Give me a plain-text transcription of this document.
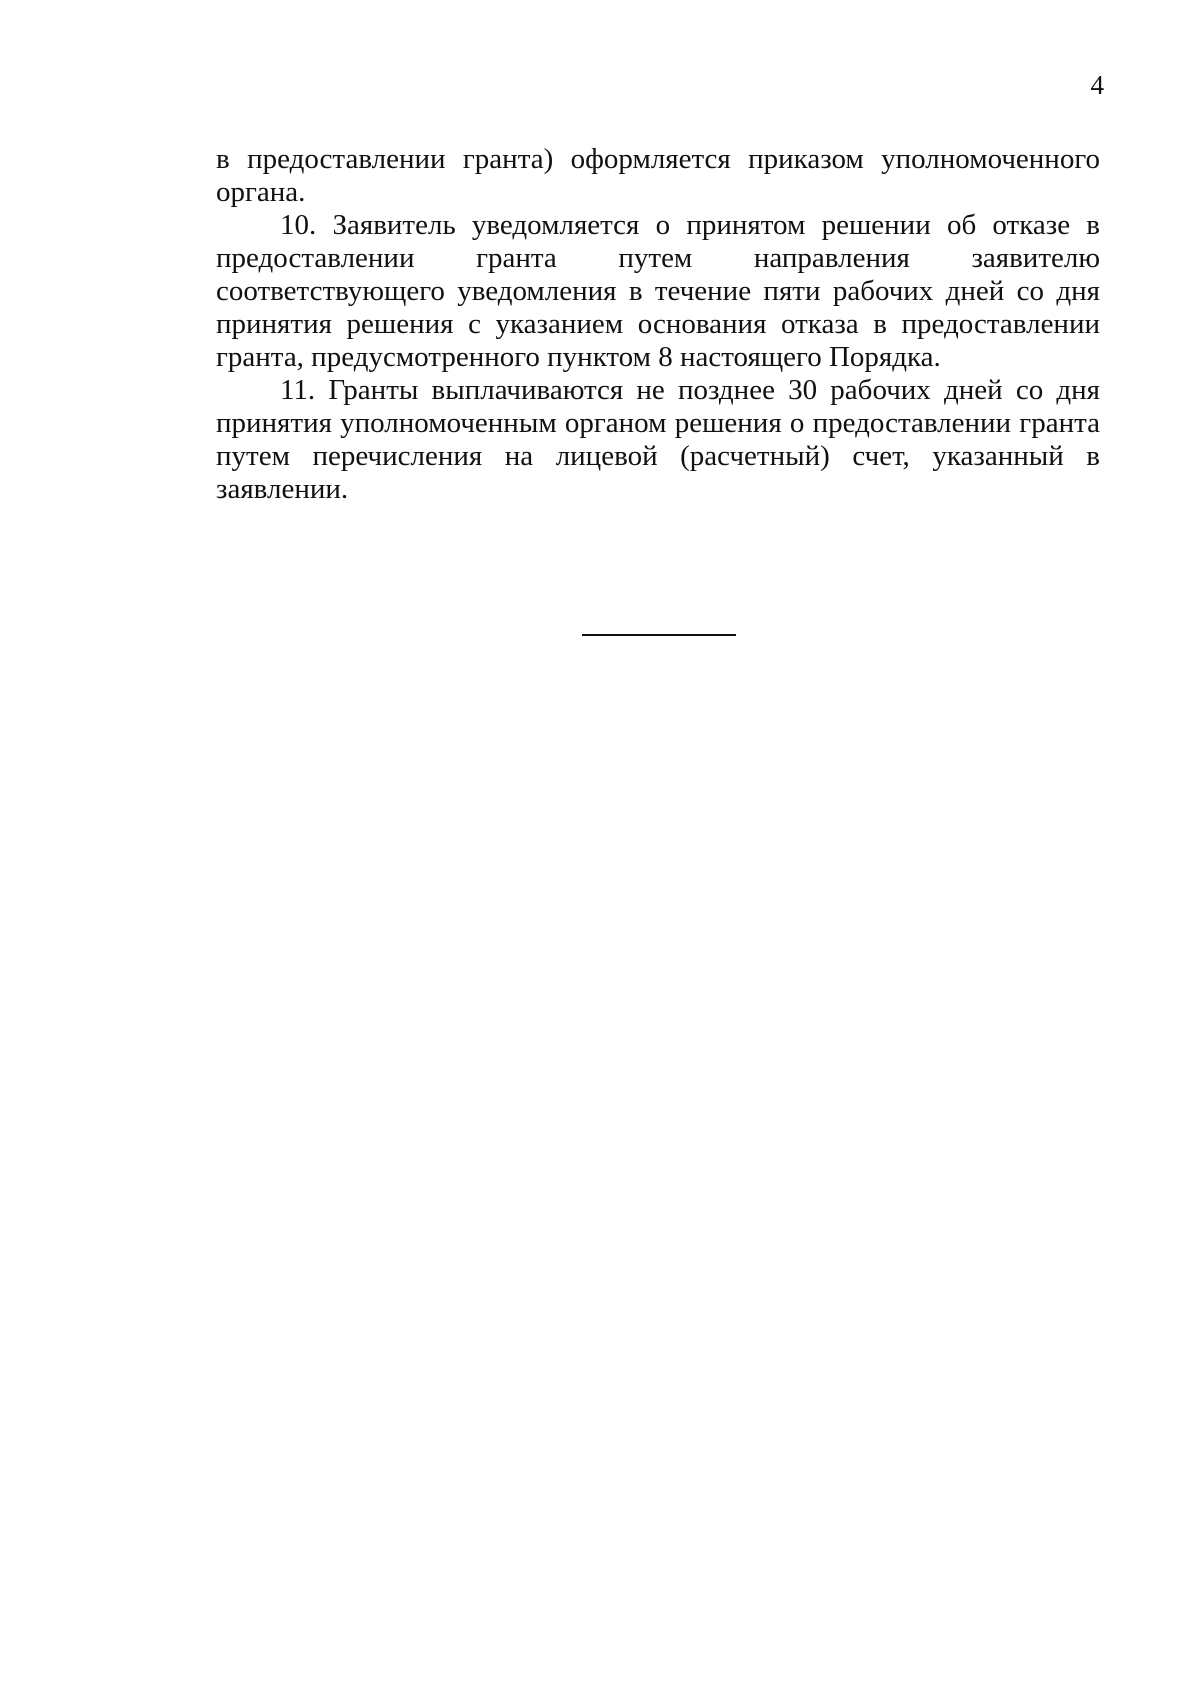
4

в предоставлении гранта) оформляется приказом уполномоченного органа.

10. Заявитель уведомляется о принятом решении об отказе в предоставлении гранта путем направления заявителю соответствующего уведомления в течение пяти рабочих дней со дня принятия решения с указанием основания отказа в предоставлении гранта, предусмотренного пунктом 8 настоящего Порядка.

11. Гранты выплачиваются не позднее 30 рабочих дней со дня принятия уполномоченным органом решения о предоставлении гранта путем перечисления на лицевой (расчетный) счет, указанный в заявлении.
